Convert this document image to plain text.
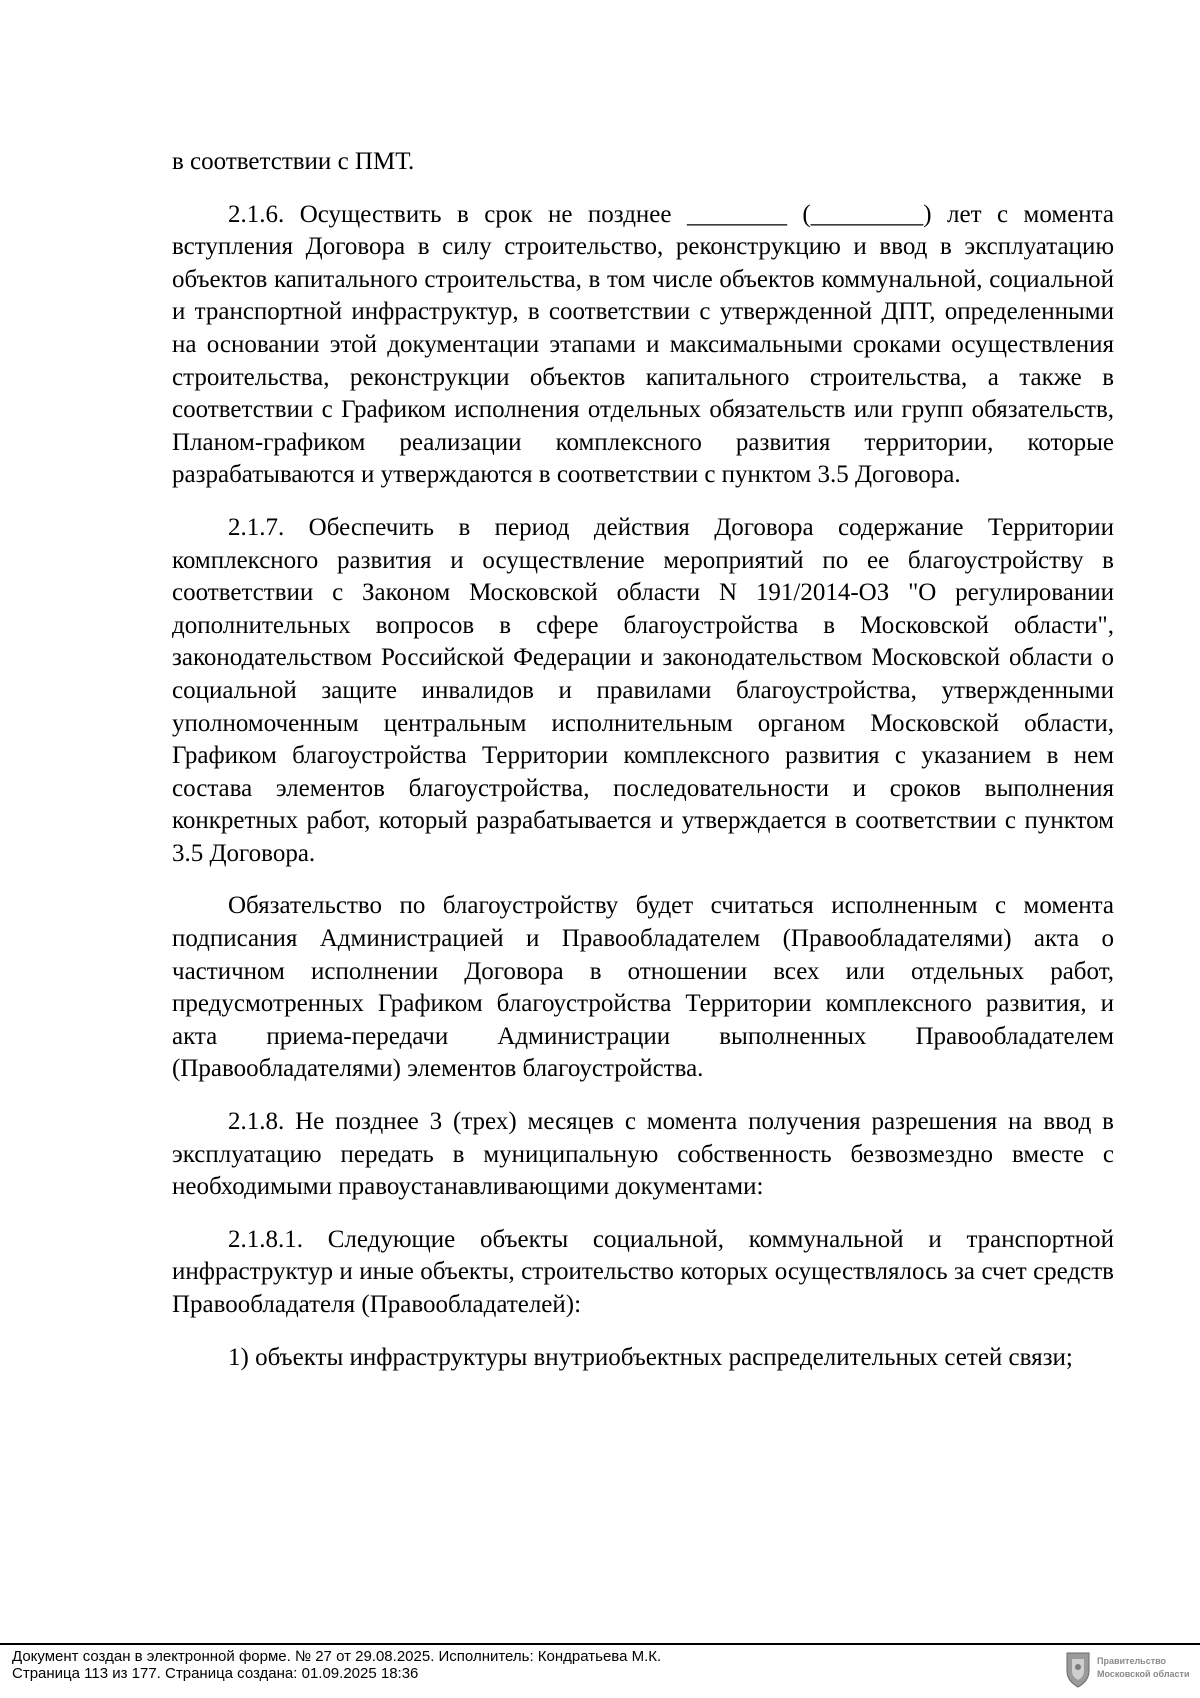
в соответствии с ПМТ.

2.1.6. Осуществить в срок не позднее ________ (_________) лет с момента вступления Договора в силу строительство, реконструкцию и ввод в эксплуатацию объектов капитального строительства, в том числе объектов коммунальной, социальной и транспортной инфраструктур, в соответствии с утвержденной ДПТ, определенными на основании этой документации этапами и максимальными сроками осуществления строительства, реконструкции объектов капитального строительства, а также в соответствии с Графиком исполнения отдельных обязательств или групп обязательств, Планом-графиком реализации комплексного развития территории, которые разрабатываются и утверждаются в соответствии с пунктом 3.5 Договора.

2.1.7. Обеспечить в период действия Договора содержание Территории комплексного развития и осуществление мероприятий по ее благоустройству в соответствии с Законом Московской области N 191/2014-ОЗ "О регулировании дополнительных вопросов в сфере благоустройства в Московской области", законодательством Российской Федерации и законодательством Московской области о социальной защите инвалидов и правилами благоустройства, утвержденными уполномоченным центральным исполнительным органом Московской области, Графиком благоустройства Территории комплексного развития с указанием в нем состава элементов благоустройства, последовательности и сроков выполнения конкретных работ, который разрабатывается и утверждается в соответствии с пунктом 3.5 Договора.

Обязательство по благоустройству будет считаться исполненным с момента подписания Администрацией и Правообладателем (Правообладателями) акта о частичном исполнении Договора в отношении всех или отдельных работ, предусмотренных Графиком благоустройства Территории комплексного развития, и акта приема-передачи Администрации выполненных Правообладателем (Правообладателями) элементов благоустройства.

2.1.8. Не позднее 3 (трех) месяцев с момента получения разрешения на ввод в эксплуатацию передать в муниципальную собственность безвозмездно вместе с необходимыми правоустанавливающими документами:

2.1.8.1. Следующие объекты социальной, коммунальной и транспортной инфраструктур и иные объекты, строительство которых осуществлялось за счет средств Правообладателя (Правообладателей):

1) объекты инфраструктуры внутриобъектных распределительных сетей связи;

Документ создан в электронной форме. № 27 от 29.08.2025. Исполнитель: Кондратьева М.К.
Страница 113 из 177. Страница создана: 01.09.2025 18:36
Правительство
Московской области
